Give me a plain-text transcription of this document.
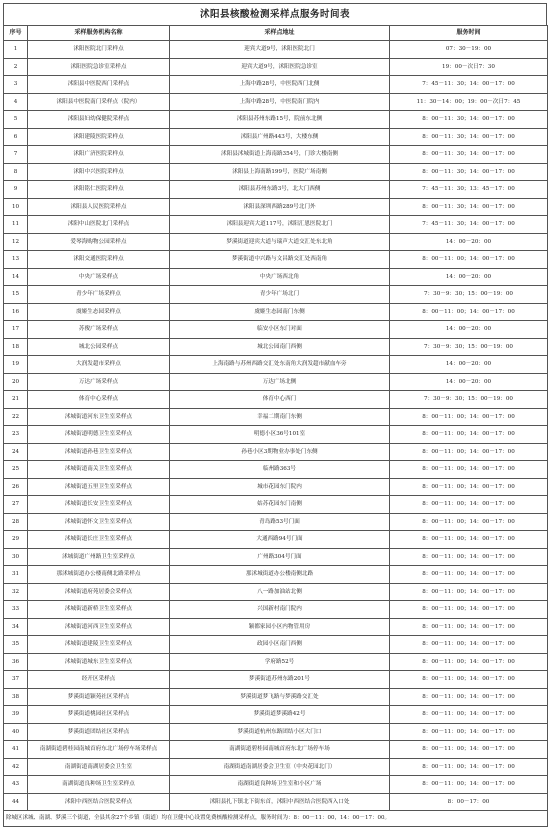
沭阳县核酸检测采样点服务时间表
序号	采样服务机构名称	采样点地址	服务时间
1	沭阳医院北门采样点	迎宾大道9号，沭阳医院北门	07：30－19：00
2	沭阳医院急诊室采样点	迎宾大道9号，沭阳医院急诊室	19：00－次日7：30
3	沭阳县中医院西门采样点	上海中路28号，中医院西门北侧	7：45－11：30；14：00－17：00
4	沭阳县中医院南门采样点（院内）	上海中路28号，中医院南门院内	11：30－14：00；19：00－次日7：45
5	沭阳县妇幼保健院采样点	沭阳县苏州东路15号，院前东北侧	8：00－11：30；14：00－17：00
6	沭阳建陵医院采样点	沭阳县广州路443号，大楼东侧	8：00－11：30；14：00－17：00
7	沭阳广济医院采样点	沭阳县沭城街道上海南路354号，门诊大楼南侧	8：00－11：30；14：00－17：00
8	沭阳中兴医院采样点	沭阳县上海南路199号，医院广场南侧	8：00－11：30；14：00－17：00
9	沭阳铭仁医院采样点	沭阳县苏州东路3号，北大门西侧	7：45－11：30；13：45－17：00
10	沭阳县人民医院采样点	沭阳县深圳西路289号北门外	8：00－11：30；14：00－17：00
11	沭阳中山医院北门采样点	沭阳县迎宾大道117号，沭阳汇恩医院北门	7：45－11：30；14：00－17：00
12	爱琴海购物公园采样点	梦溪街道迎宾大道与瑞声大道交汇处东北角	14：00－20：00
13	沭阳交通医院采样点	梦溪街道中兴路与文昌路交汇处西南角	8：00－11：00；14：00－17：00
14	中央广场采样点	中央广场西北角	14：00－20：00
15	青少年广场采样点	青少年广场北门	7：30－9：30；15：00－19：00
16	虞姬生态园采样点	虞姬生态园南门东侧	8：00－11：00；14：00－17：00
17	苏俊广场采样点	临安小区东门对面	14：00－20：00
18	城北公园采样点	城北公园南门西侧	7：30－9：30；15：00－19：00
19	大润发超市采样点	上海南路与苏州西路交汇处东南角大润发超市献血车旁	14：00－20：00
20	万达广场采样点	万达广场北侧	14：00－20：00
21	体育中心采样点	体育中心西门	7：30－9：30；15：00－19：00
22	沭城街道河东卫生室采样点	幸福二期南门东侧	8：00－11：00；14：00－17：00
23	沭城街道明德卫生室采样点	明德小区36号101室	8：00－11：00；14：00－17：00
24	沭城街道孙巷卫生室采样点	孙巷小区3期物业办事处门东侧	8：00－11：00；14：00－17：00
25	沭城街道南关卫生室采样点	临州路363号	8：00－11：00；14：00－17：00
26	沭城街道五里卫生室采样点	城市花园东门院内	8：00－11：00；14：00－17：00
27	沭城街道长安卫生室采样点	姑苏花园东门南侧	8：00－11：00；14：00－17：00
28	沭城街道怀文卫生室采样点	青岛路53号门面	8：00－11：00；14：00－17：00
29	沭城街道长庄卫生室采样点	大通西路94号门面	8：00－11：00；14：00－17：00
30	沭城街道广州路卫生室采样点	广州路304号门面	8：00－11：00；14：00－17：00
31	那沭城街道办公楼南侧北路采样点	那沭城街道办公楼南侧北路	8：00－11：00；14：00－17：00
32	沭城街道府苑居委会采样点	八一路加油站北侧	8：00－11：00；14：00－17：00
33	沭城街道新桥卫生室采样点	兴国新村南门院内	8：00－11：00；14：00－17：00
34	沭城街道河西卫生室采样点	颖都家园小区内物管用房	8：00－11：00；14：00－17：00
35	沭城街道建陵卫生室采样点	政园小区南门西侧	8：00－11：00；14：00－17：00
36	沭城街道城东卫生室采样点	学府路52号	8：00－11：00；14：00－17：00
37	经开区采样点	梦溪街道苏州东路201号	8：00－11：00；14：00－17：00
38	梦溪街道颖苑社区采样点	梦溪街道梦飞路与梦溪路交汇处	8：00－11：00；14：00－17：00
39	梦溪街道桃园社区采样点	梦溪街道梦溪路42号	8：00－11：00；14：00－17：00
40	梦溪街道团结社区采样点	梦溪街道杭州东路团结小区大门口	8：00－11：00；14：00－17：00
41	南湖街道碧桂园南城首府东北广场停车场采样点	南湖街道碧桂园南城首府东北广场停车场	8：00－11：00；14：00－17：00
42	南湖街道南湖居委会卫生室	南湖街道南湖居委会卫生室（中央花园北门）	8：00－11：00；14：00－17：00
43	南湖街道良种场卫生室采样点	南湖街道良种场卫生室和小区广场	8：00－11：00；14：00－17：00
44	沭阳中西医结合医院采样点	沭阳县扎下镇北下街东首，沭阳中西医结合医院西入口处	8：00－17：00
除城区沭城、南湖、梦溪三个街道，全县其余27个乡镇（街道）均在卫健中心设置免费核酸检测采样点，服务时间为：8：00－11：00，14：00－17：00。			
